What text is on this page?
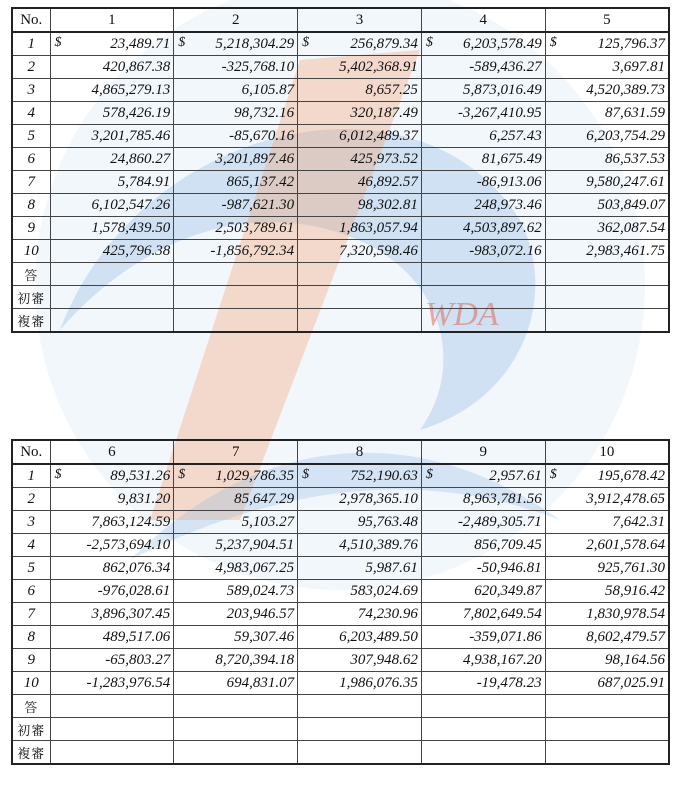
WDA
No.	1	2	3	4	5
1	$ 23,489.71	$ 5,218,304.29	$ 256,879.34	$ 6,203,578.49	$ 125,796.37
2	420,867.38	-325,768.10	5,402,368.91	-589,436.27	3,697.81
3	4,865,279.13	6,105.87	8,657.25	5,873,016.49	4,520,389.73
4	578,426.19	98,732.16	320,187.49	-3,267,410.95	87,631.59
5	3,201,785.46	-85,670.16	6,012,489.37	6,257.43	6,203,754.29
6	24,860.27	3,201,897.46	425,973.52	81,675.49	86,537.53
7	5,784.91	865,137.42	46,892.57	-86,913.06	9,580,247.61
8	6,102,547.26	-987,621.30	98,302.81	248,973.46	503,849.07
9	1,578,439.50	2,503,789.61	1,863,057.94	4,503,897.62	362,087.54
10	425,796.38	-1,856,792.34	7,320,598.46	-983,072.16	2,983,461.75
答					
初審					
複審					
No.	6	7	8	9	10
1	$ 89,531.26	$ 1,029,786.35	$ 752,190.63	$ 2,957.61	$ 195,678.42
2	9,831.20	85,647.29	2,978,365.10	8,963,781.56	3,912,478.65
3	7,863,124.59	5,103.27	95,763.48	-2,489,305.71	7,642.31
4	-2,573,694.10	5,237,904.51	4,510,389.76	856,709.45	2,601,578.64
5	862,076.34	4,983,067.25	5,987.61	-50,946.81	925,761.30
6	-976,028.61	589,024.73	583,024.69	620,349.87	58,916.42
7	3,896,307.45	203,946.57	74,230.96	7,802,649.54	1,830,978.54
8	489,517.06	59,307.46	6,203,489.50	-359,071.86	8,602,479.57
9	-65,803.27	8,720,394.18	307,948.62	4,938,167.20	98,164.56
10	-1,283,976.54	694,831.07	1,986,076.35	-19,478.23	687,025.91
答					
初審					
複審					
